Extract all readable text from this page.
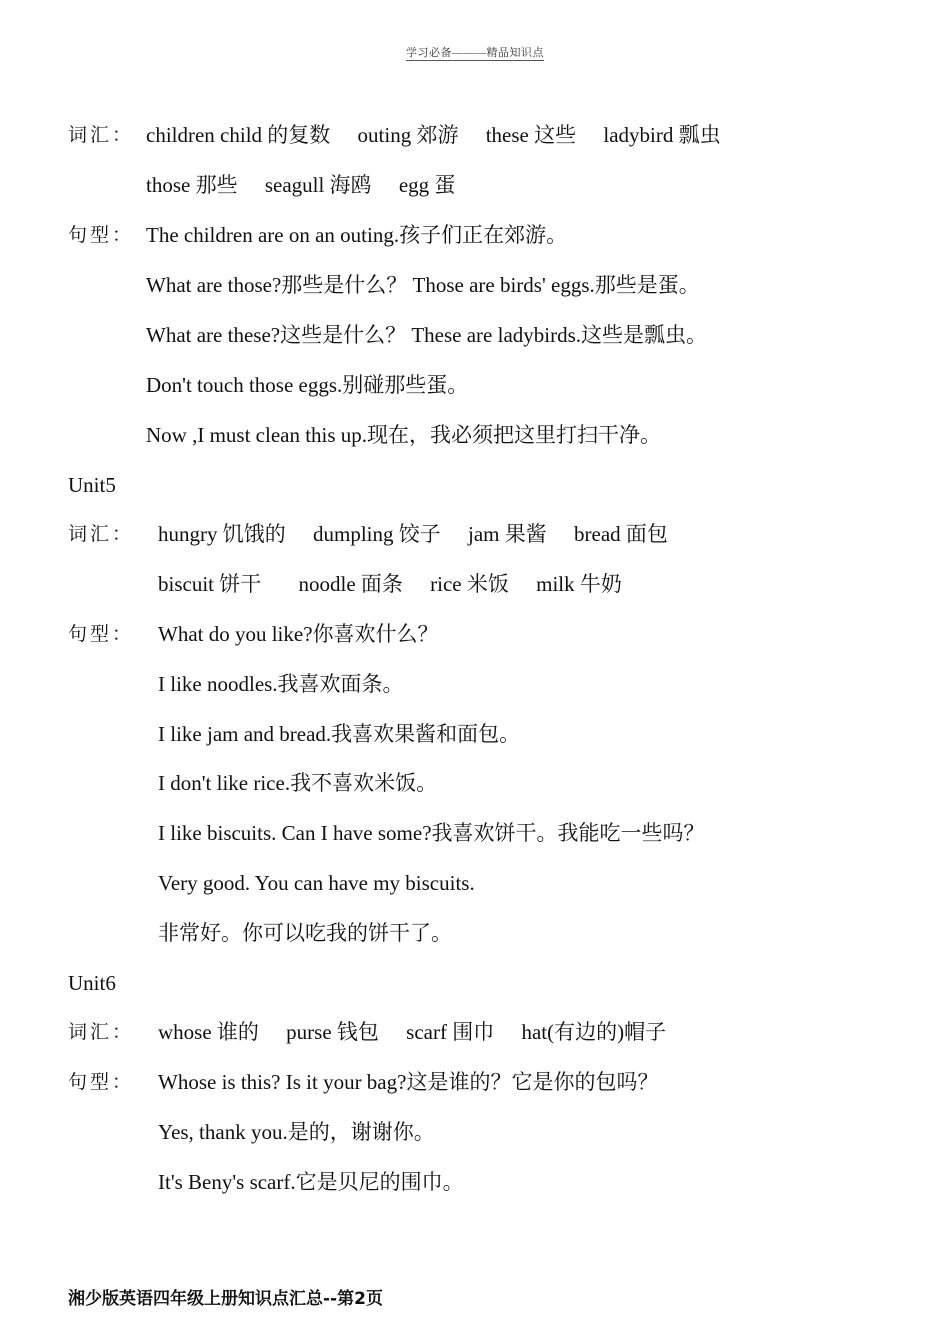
学习必备———精品知识点
词汇： children child 的复数 outing 郊游 these 这些 ladybird 瓢虫
those 那些 seagull 海鸥 egg 蛋
句型： The children are on an outing.孩子们正在郊游。
What are those?那些是什么？ Those are birds' eggs.那些是蛋。
What are these?这些是什么？ These are ladybirds.这些是瓢虫。
Don't touch those eggs.别碰那些蛋。
Now ,I must clean this up.现在，我必须把这里打扫干净。
Unit5
词汇： hungry 饥饿的 dumpling 饺子 jam 果酱 bread 面包
biscuit 饼干 noodle 面条 rice 米饭 milk 牛奶
句型： What do you like?你喜欢什么？
I like noodles.我喜欢面条。
I like jam and bread.我喜欢果酱和面包。
I don't like rice.我不喜欢米饭。
I like biscuits. Can I have some?我喜欢饼干。我能吃一些吗？
Very good. You can have my biscuits.
非常好。你可以吃我的饼干了。
Unit6
词汇： whose 谁的 purse 钱包 scarf 围巾 hat(有边的)帽子
句型： Whose is this? Is it your bag?这是谁的？它是你的包吗？
Yes, thank you.是的，谢谢你。
It's Beny's scarf.它是贝尼的围巾。
湘少版英语四年级上册知识点汇总--第2页
